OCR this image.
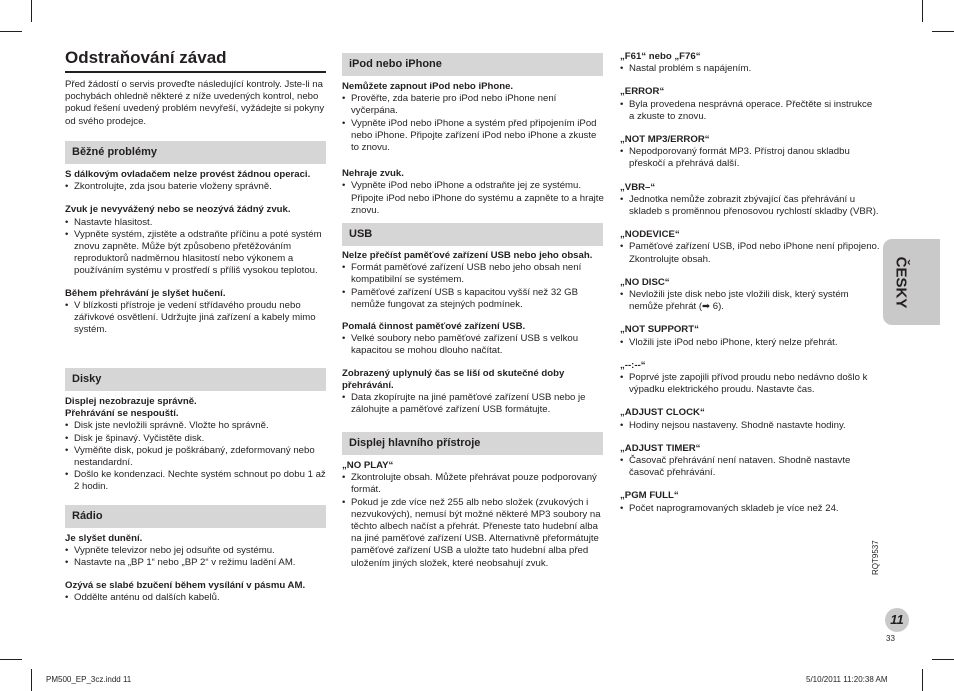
Odstraňování závad

Před žádostí o servis proveďte následující kontroly. Jste-li na pochybách ohledně některé z níže uvedených kontrol, nebo pokud řešení uvedený problém nevyřeší, vyžádejte si pokyny od svého prodejce.

Běžné problémy

S dálkovým ovladačem nelze provést žádnou operaci.

• Zkontrolujte, zda jsou baterie vloženy správně.

Zvuk je nevyvážený nebo se neozývá žádný zvuk.

• Nastavte hlasitost.

• Vypněte systém, zjistěte a odstraňte příčinu a poté systém znovu zapněte. Může být způsobeno přetěžováním reproduktorů nadměrnou hlasitostí nebo výkonem a používáním systému v prostředí s příliš vysokou teplotou.

Během přehrávání je slyšet hučení.

• V blízkosti přístroje je vedení střídavého proudu nebo zářivkové osvětlení. Udržujte jiná zařízení a kabely mimo systém.

Disky

Displej nezobrazuje správně.

Přehrávání se nespouští.

• Disk jste nevložili správně. Vložte ho správně.

• Disk je špinavý. Vyčistěte disk.

• Vyměňte disk, pokud je poškrábaný, zdeformovaný nebo nestandardní.

• Došlo ke kondenzaci. Nechte systém schnout po dobu 1 až 2 hodin.

Rádio

Je slyšet dunění.

• Vypněte televizor nebo jej odsuňte od systému.

• Nastavte na „BP 1“ nebo „BP 2“ v režimu ladění AM.

Ozývá se slabé bzučení během vysílání v pásmu AM.

• Oddělte anténu od dalších kabelů.

iPod nebo iPhone

Nemůžete zapnout iPod nebo iPhone.

• Prověřte, zda baterie pro iPod nebo iPhone není vyčerpána.

• Vypněte iPod nebo iPhone a systém před připojením iPod nebo iPhone. Připojte zařízení iPod nebo iPhone a zkuste to znovu.

Nehraje zvuk.

• Vypněte iPod nebo iPhone a odstraňte jej ze systému. Připojte iPod nebo iPhone do systému a zapněte to a hrajte znovu.

USB

Nelze přečíst paměťové zařízení USB nebo jeho obsah.

• Formát paměťové zařízení USB nebo jeho obsah není kompatibilní se systémem.

• Paměťové zařízení USB s kapacitou vyšší než 32 GB nemůže fungovat za stejných podmínek.

Pomalá činnost paměťové zařízení USB.

• Velké soubory nebo paměťové zařízení USB s velkou kapacitou se mohou dlouho načítat.

Zobrazený uplynulý čas se liší od skutečné doby přehrávání.

• Data zkopírujte na jiné paměťové zařízení USB nebo je zálohujte a paměťové zařízení USB formátujte.

Displej hlavního přístroje

„NO PLAY“

• Zkontrolujte obsah. Můžete přehrávat pouze podporovaný formát.

• Pokud je zde více než 255 alb nebo složek (zvukových i nezvukových), nemusí být možné některé MP3 soubory na těchto albech načíst a přehrát. Přeneste tato hudební alba na jiné paměťové zařízení USB. Alternativně přeformátujte paměťové zařízení USB a uložte tato hudební alba před uložením jiných složek, které neobsahují zvuk.

„F61“ nebo „F76“

• Nastal problém s napájením.

„ERROR“

• Byla provedena nesprávná operace. Přečtěte si instrukce a zkuste to znovu.

„NOT MP3/ERROR“

• Nepodporovaný formát MP3. Přístroj danou skladbu přeskočí a přehrává další.

„VBR–“

• Jednotka nemůže zobrazit zbývající čas přehrávání u skladeb s proměnnou přenosovou rychlostí skladby (VBR).

„NODEVICE“

• Paměťové zařízení USB, iPod nebo iPhone není připojeno. Zkontrolujte obsah.

„NO DISC“

• Nevložili jste disk nebo jste vložili disk, který systém nemůže přehrát (➡ 6).

„NOT SUPPORT“

• Vložili jste iPod nebo iPhone, který nelze přehrát.

„--:--“

• Poprvé jste zapojili přívod proudu nebo nedávno došlo k výpadku elektrického proudu. Nastavte čas.

„ADJUST CLOCK“

• Hodiny nejsou nastaveny. Shodně nastavte hodiny.

„ADJUST TIMER“

• Časovač přehrávání není nataven. Shodně nastavte časovač přehrávání.

„PGM FULL“

• Počet naprogramovaných skladeb je více než 24.

ČESKY
RQT9537
11
33
PM500_EP_3cz.indd 11	5/10/2011 11:20:38 AM
